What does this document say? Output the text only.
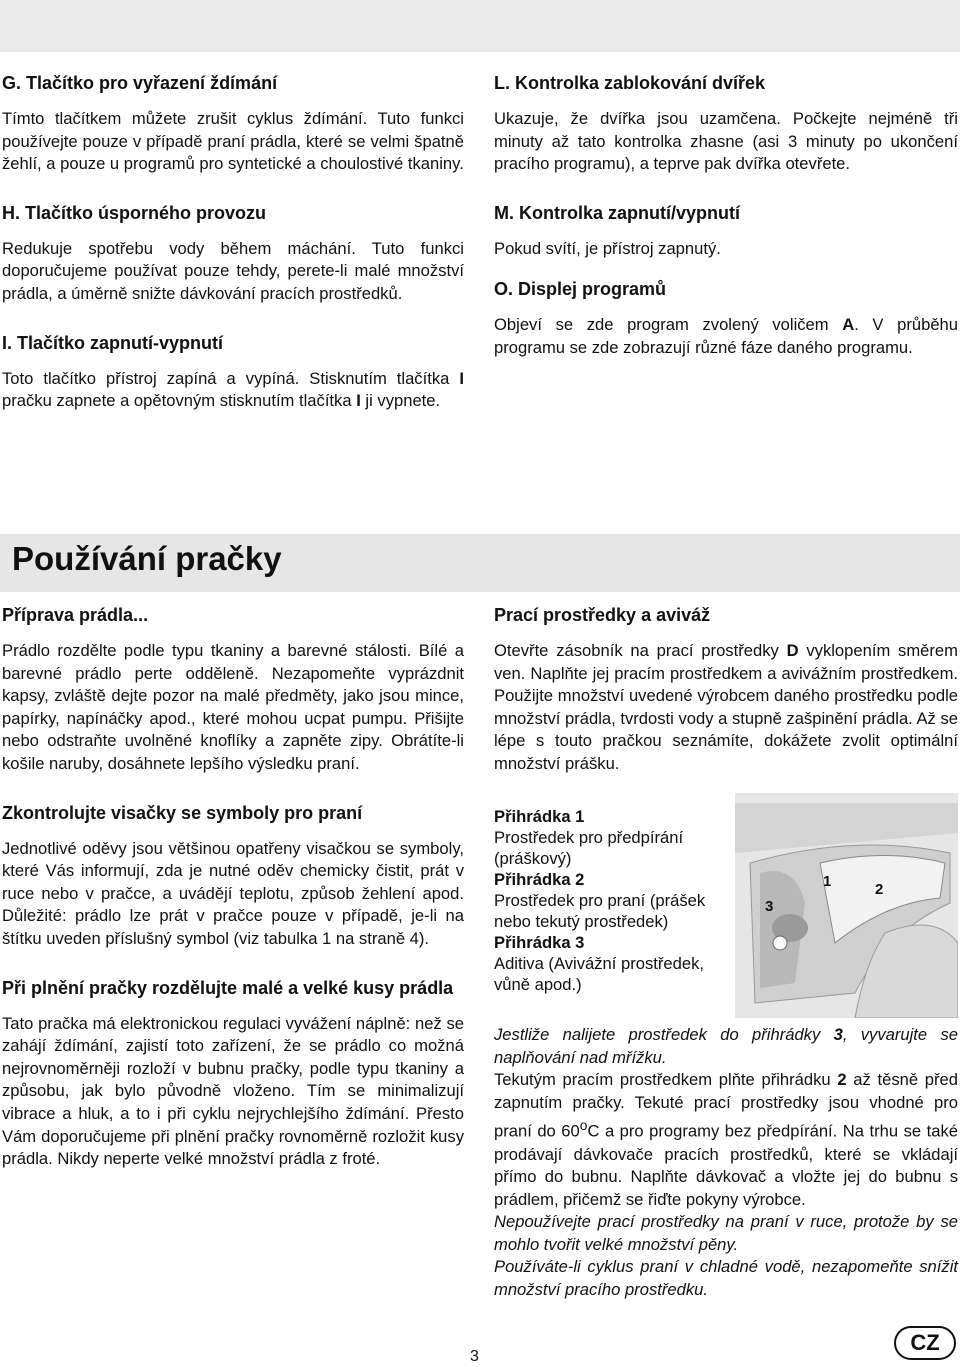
G. Tlačítko pro vyřazení ždímání

Tímto tlačítkem můžete zrušit cyklus ždímání. Tuto funkci používejte pouze v případě praní prádla, které se velmi špatně žehlí, a pouze u programů pro syntetické a choulostivé tkaniny.

H. Tlačítko úsporného provozu

Redukuje spotřebu vody během máchání. Tuto funkci doporučujeme používat pouze tehdy, perete-li malé množství prádla, a úměrně snižte dávkování pracích prostředků.

I. Tlačítko zapnutí-vypnutí

Toto tlačítko přístroj zapíná a vypíná. Stisknutím tlačítka I pračku zapnete a opětovným stisknutím tlačítka I ji vypnete.

L. Kontrolka zablokování dvířek

Ukazuje, že dvířka jsou uzamčena. Počkejte nejméně tři minuty až tato kontrolka zhasne (asi 3 minuty po ukončení pracího programu), a teprve pak dvířka otevřete.

M. Kontrolka zapnutí/vypnutí

Pokud svítí, je přístroj zapnutý.

O. Displej programů

Objeví se zde program zvolený voličem A. V průběhu programu se zde zobrazují různé fáze daného programu.

Používání pračky
Příprava prádla...

Prádlo rozdělte podle typu tkaniny a barevné stálosti. Bílé a barevné prádlo perte odděleně. Nezapomeňte vyprázdnit kapsy, zvláště dejte pozor na malé předměty, jako jsou mince, papírky, napínáčky apod., které mohou ucpat pumpu. Přišijte nebo odstraňte uvolněné knoflíky a zapněte zipy. Obrátíte-li košile naruby, dosáhnete lepšího výsledku praní.

Zkontrolujte visačky se symboly pro praní

Jednotlivé oděvy jsou většinou opatřeny visačkou se symboly, které Vás informují, zda je nutné oděv chemicky čistit, prát v ruce nebo v pračce, a uvádějí teplotu, způsob žehlení apod. Důležité: prádlo lze prát v pračce pouze v případě, je-li na štítku uveden příslušný symbol (viz tabulka 1 na straně 4).

Při plnění pračky rozdělujte malé a velké kusy prádla

Tato pračka má elektronickou regulaci vyvážení náplně: než se zahájí ždímání, zajistí toto zařízení, že se prádlo co možná nejrovnoměrněji rozloží v bubnu pračky, podle typu tkaniny a způsobu, jak bylo původně vloženo. Tím se minimalizují vibrace a hluk, a to i při cyklu nejrychlejšího ždímání. Přesto Vám doporučujeme při plnění pračky rovnoměrně rozložit kusy prádla. Nikdy neperte velké množství prádla z froté.

Prací prostředky a aviváž

Otevřte zásobník na prací prostředky D vyklopením směrem ven. Naplňte jej pracím prostředkem a avivážním prostředkem. Použijte množství uvedené výrobcem daného prostředku podle množství prádla, tvrdosti vody a stupně zašpinění prádla. Až se lépe s touto pračkou seznámíte, dokážete zvolit optimální množství prášku.

Přihrádka 1
Prostředek pro předpírání (práškový)
Přihrádka 2
Prostředek pro praní (prášek nebo tekutý prostředek)
Přihrádka 3
Aditiva (Avivážní prostředek, vůně apod.)
1	2
3

Jestliže nalijete prostředek do přihrádky 3, vyvarujte se naplňování nad mřížku.

Tekutým pracím prostředkem plňte přihrádku 2 až těsně před zapnutím pračky. Tekuté prací prostředky jsou vhodné pro praní do 60$^o$C a pro programy bez předpírání. Na trhu se také prodávají dávkovače pracích prostředků, které se vkládají přímo do bubnu. Naplňte dávkovač a vložte jej do bubnu s prádlem, přičemž se řiďte pokyny výrobce.

Nepoužívejte prací prostředky na praní v ruce, protože by se mohlo tvořit velké množství pěny.

Používáte-li cyklus praní v chladné vodě, nezapomeňte snížit množství pracího prostředku.

3
CZ
